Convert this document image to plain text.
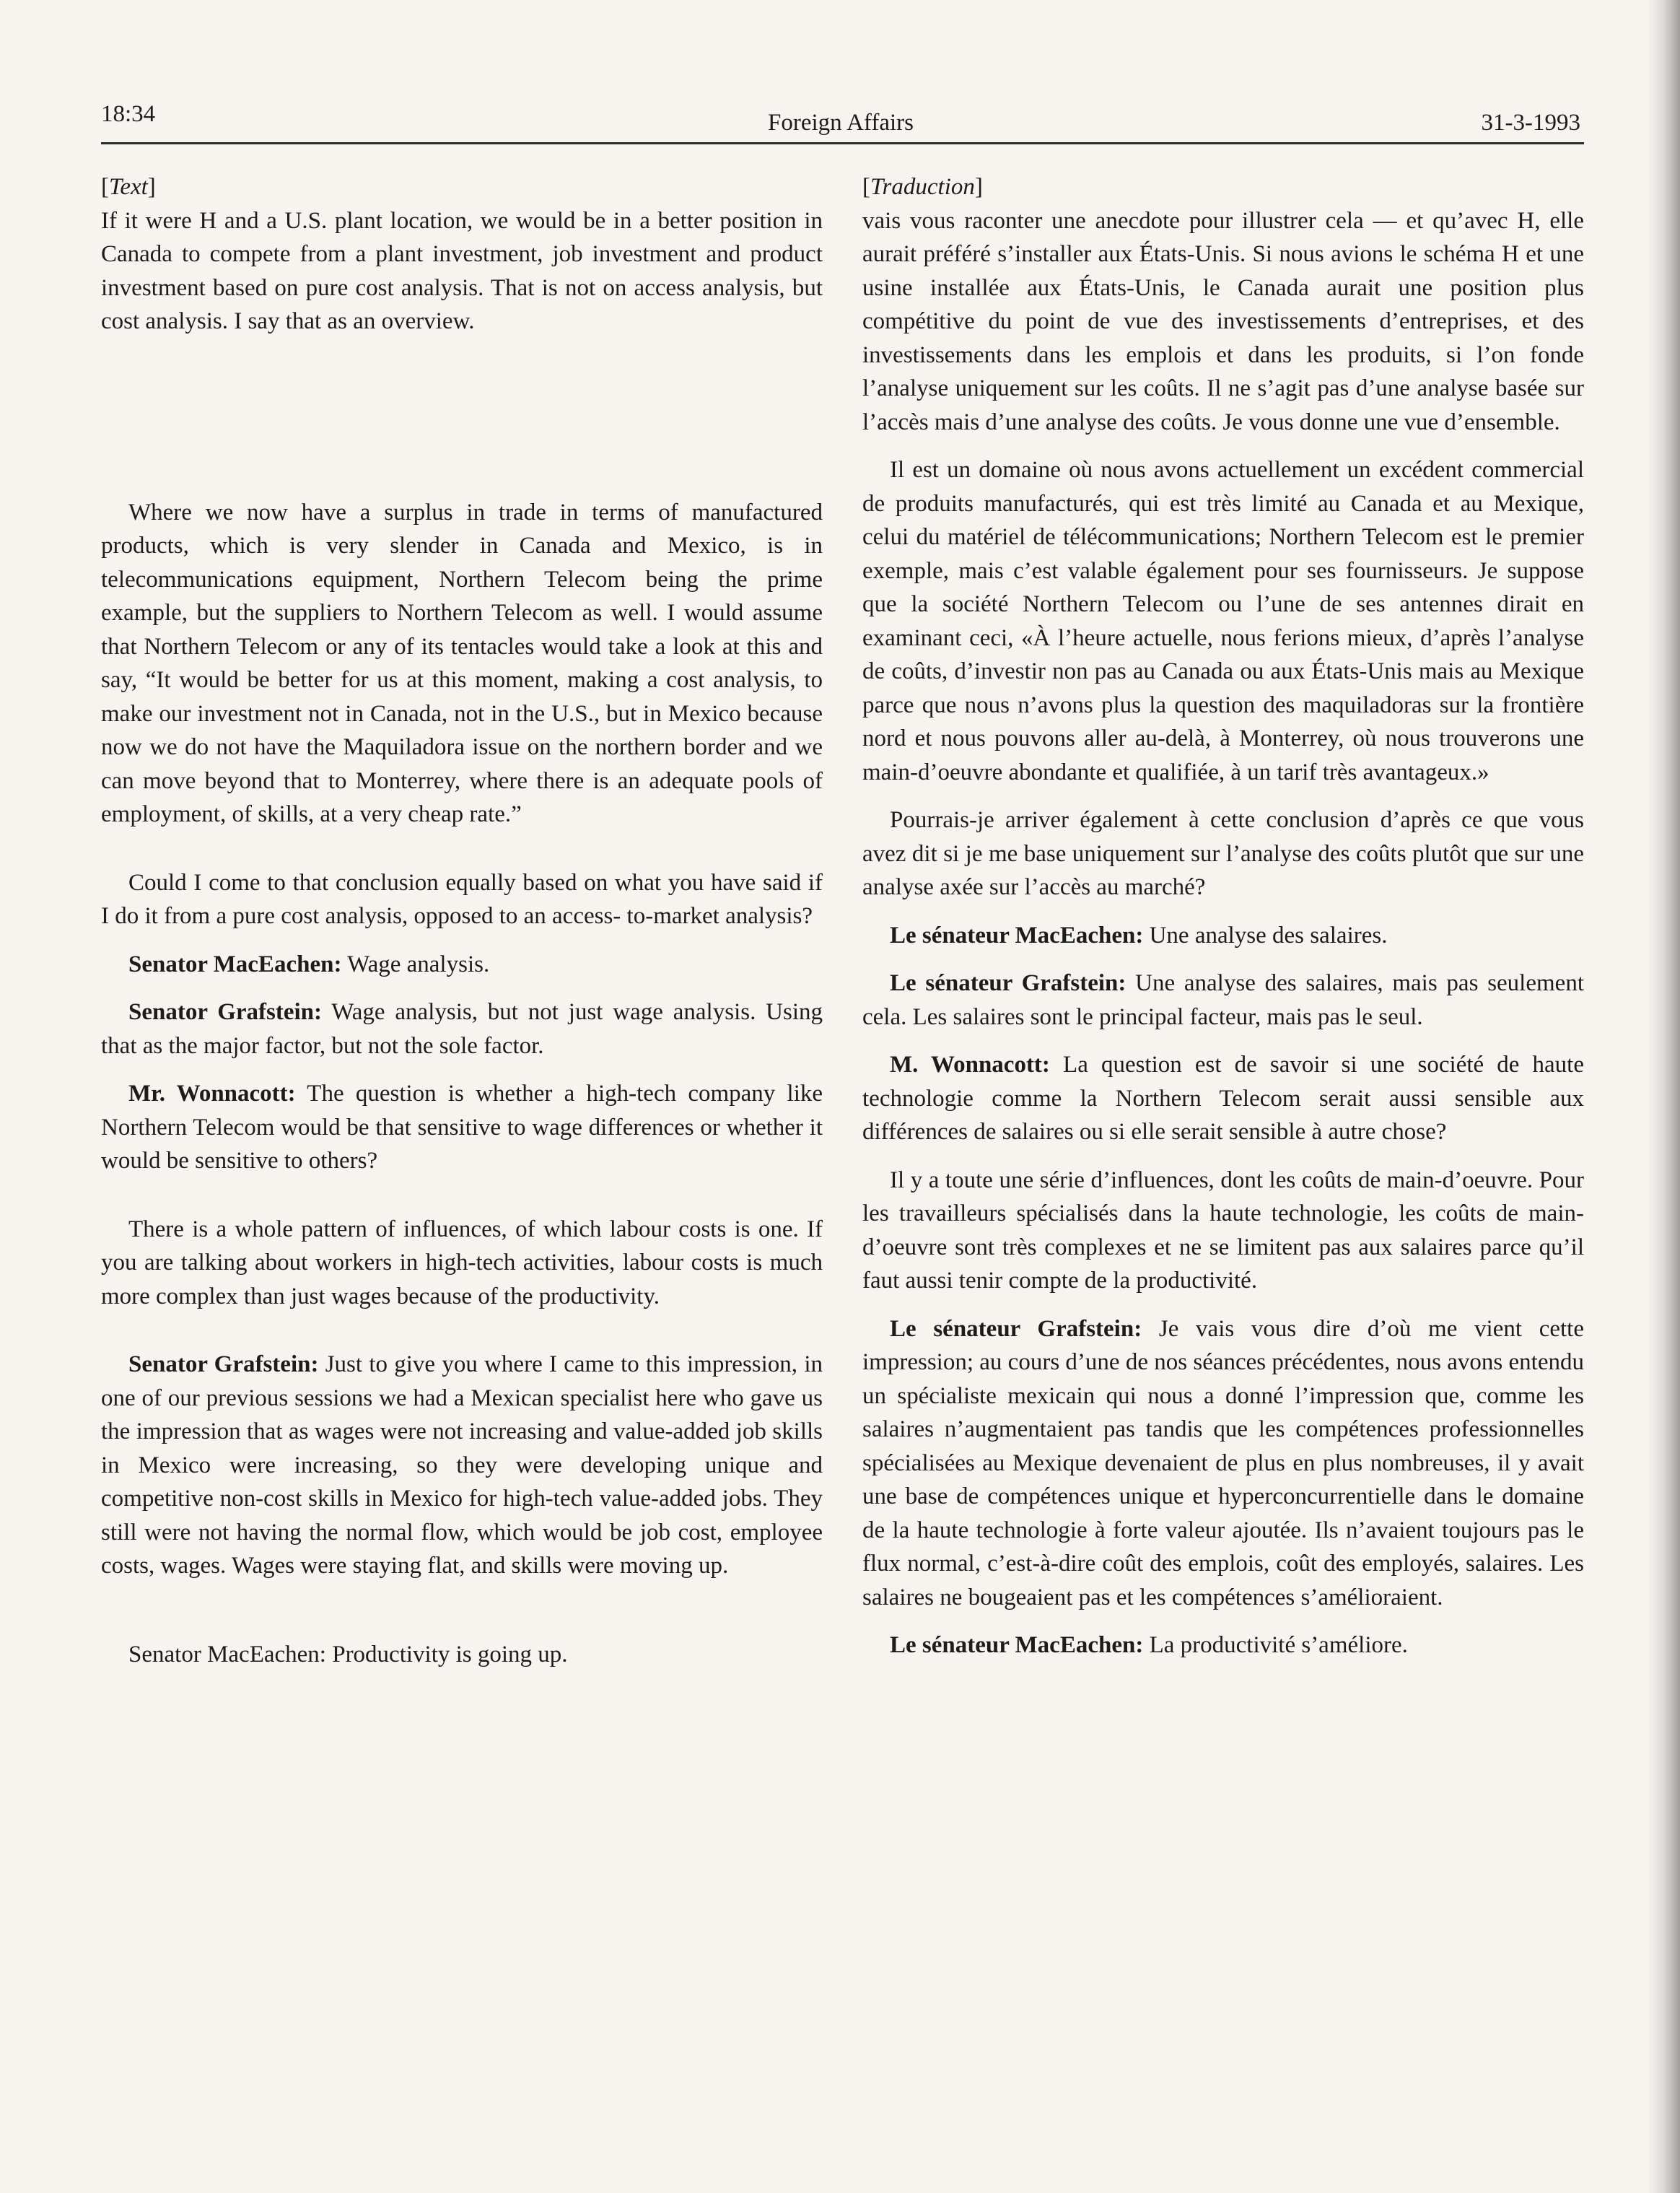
18:34	Foreign Affairs	31-3-1993
[Text]

If it were H and a U.S. plant location, we would be in a better position in Canada to compete from a plant investment, job investment and product investment based on pure cost analysis. That is not on access analysis, but cost analysis. I say that as an overview.

Where we now have a surplus in trade in terms of manufactured products, which is very slender in Canada and Mexico, is in telecommunications equipment, Northern Telecom being the prime example, but the suppliers to Northern Telecom as well. I would assume that Northern Telecom or any of its tentacles would take a look at this and say, “It would be better for us at this moment, making a cost analysis, to make our investment not in Canada, not in the U.S., but in Mexico because now we do not have the Maquiladora issue on the northern border and we can move beyond that to Monterrey, where there is an adequate pools of employment, of skills, at a very cheap rate.”

Could I come to that conclusion equally based on what you have said if I do it from a pure cost analysis, opposed to an access- to-market analysis?

Senator MacEachen: Wage analysis.

Senator Grafstein: Wage analysis, but not just wage analysis. Using that as the major factor, but not the sole factor.

Mr. Wonnacott: The question is whether a high-tech company like Northern Telecom would be that sensitive to wage differences or whether it would be sensitive to others?

There is a whole pattern of influences, of which labour costs is one. If you are talking about workers in high-tech activities, labour costs is much more complex than just wages because of the productivity.

Senator Grafstein: Just to give you where I came to this impression, in one of our previous sessions we had a Mexican specialist here who gave us the impression that as wages were not increasing and value-added job skills in Mexico were increasing, so they were developing unique and competitive non-cost skills in Mexico for high-tech value-added jobs. They still were not having the normal flow, which would be job cost, employee costs, wages. Wages were staying flat, and skills were moving up.

Senator MacEachen: Productivity is going up.

[Traduction]

vais vous raconter une anecdote pour illustrer cela — et qu’avec H, elle aurait préféré s’installer aux États-Unis. Si nous avions le schéma H et une usine installée aux États-Unis, le Canada aurait une position plus compétitive du point de vue des investissements d’entreprises, et des investissements dans les emplois et dans les produits, si l’on fonde l’analyse uniquement sur les coûts. Il ne s’agit pas d’une analyse basée sur l’accès mais d’une analyse des coûts. Je vous donne une vue d’ensemble.

Il est un domaine où nous avons actuellement un excédent commercial de produits manufacturés, qui est très limité au Canada et au Mexique, celui du matériel de télécommunications; Northern Telecom est le premier exemple, mais c’est valable également pour ses fournisseurs. Je suppose que la société Northern Telecom ou l’une de ses antennes dirait en examinant ceci, «À l’heure actuelle, nous ferions mieux, d’après l’analyse de coûts, d’investir non pas au Canada ou aux États-Unis mais au Mexique parce que nous n’avons plus la question des maquiladoras sur la frontière nord et nous pouvons aller au-delà, à Monterrey, où nous trouverons une main-d’oeuvre abondante et qualifiée, à un tarif très avantageux.»

Pourrais-je arriver également à cette conclusion d’après ce que vous avez dit si je me base uniquement sur l’analyse des coûts plutôt que sur une analyse axée sur l’accès au marché?

Le sénateur MacEachen: Une analyse des salaires.

Le sénateur Grafstein: Une analyse des salaires, mais pas seulement cela. Les salaires sont le principal facteur, mais pas le seul.

M. Wonnacott: La question est de savoir si une société de haute technologie comme la Northern Telecom serait aussi sensible aux différences de salaires ou si elle serait sensible à autre chose?

Il y a toute une série d’influences, dont les coûts de main-d’oeuvre. Pour les travailleurs spécialisés dans la haute technologie, les coûts de main-d’oeuvre sont très complexes et ne se limitent pas aux salaires parce qu’il faut aussi tenir compte de la productivité.

Le sénateur Grafstein: Je vais vous dire d’où me vient cette impression; au cours d’une de nos séances précédentes, nous avons entendu un spécialiste mexicain qui nous a donné l’impression que, comme les salaires n’augmentaient pas tandis que les compétences professionnelles spécialisées au Mexique devenaient de plus en plus nombreuses, il y avait une base de compétences unique et hyperconcurrentielle dans le domaine de la haute technologie à forte valeur ajoutée. Ils n’avaient toujours pas le flux normal, c’est-à-dire coût des emplois, coût des employés, salaires. Les salaires ne bougeaient pas et les compétences s’amélioraient.

Le sénateur MacEachen: La productivité s’améliore.
